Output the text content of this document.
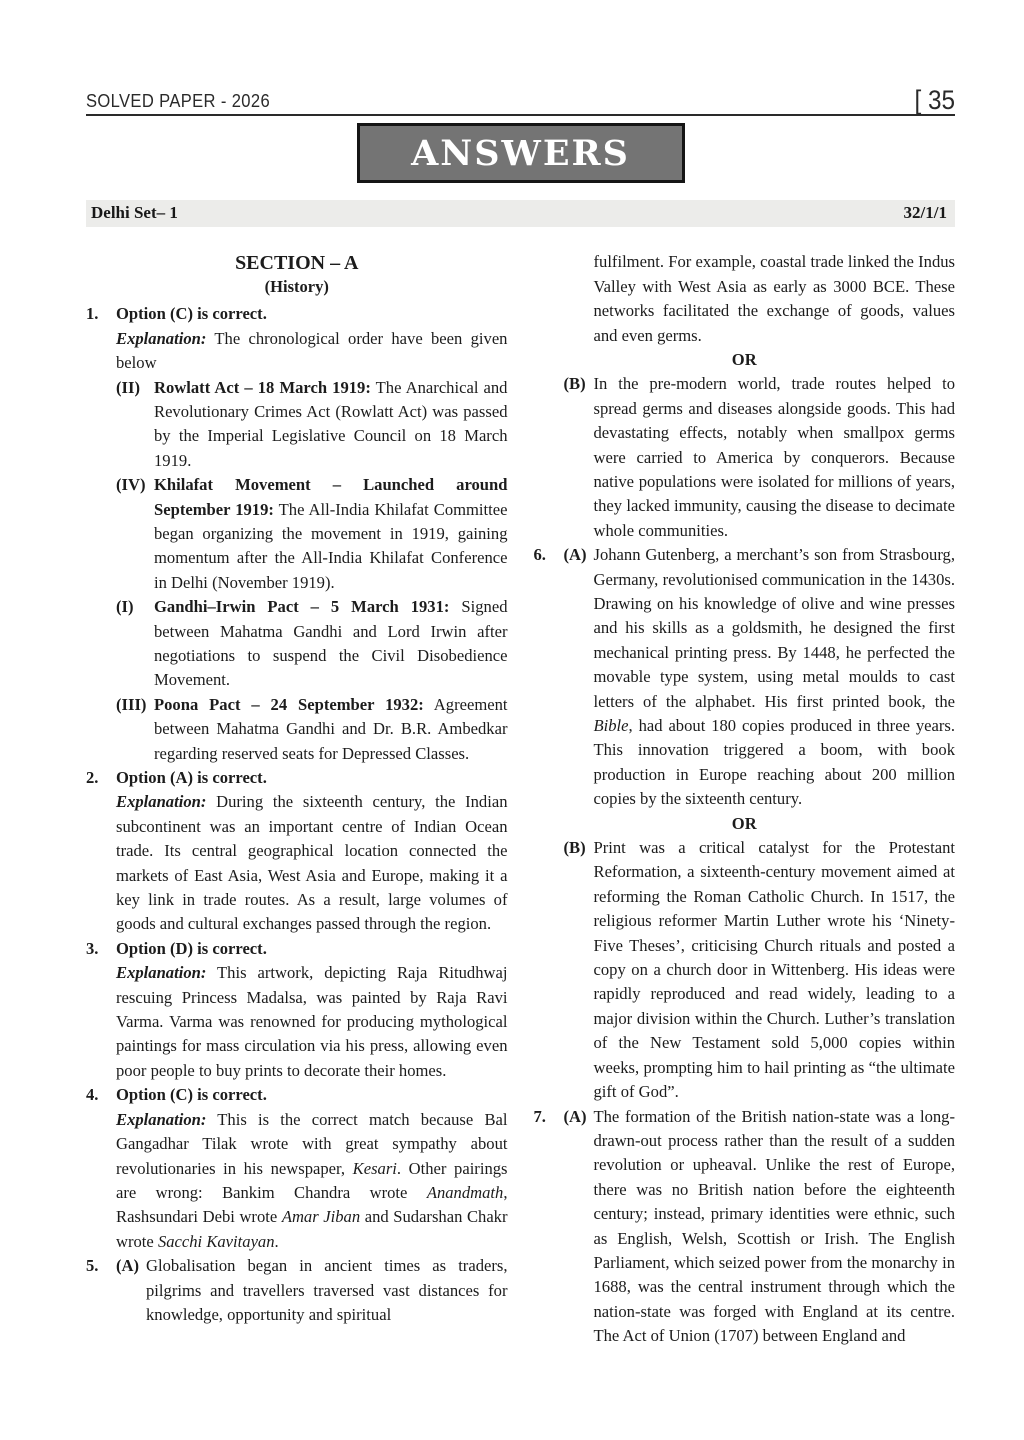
SOLVED PAPER - 2026	[ 35
ANSWERS
Delhi Set– 1	32/1/1

SECTION – A

(History)

1.	Option (C) is correct.

Explanation: The chronological order have been given below

(II) Rowlatt Act – 18 March 1919: The Anarchical and Revolutionary Crimes Act (Rowlatt Act) was passed by the Imperial Legislative Council on 18 March 1919.
(IV) Khilafat Movement – Launched around September 1919: The All-India Khilafat Committee began organizing the movement in 1919, gaining momentum after the All-India Khilafat Conference in Delhi (November 1919).
(I)	Gandhi–Irwin Pact – 5 March 1931: Signed between Mahatma Gandhi and Lord Irwin after negotiations to suspend the Civil Disobedience Movement.
(III) Poona Pact – 24 September 1932: Agreement between Mahatma Gandhi and Dr. B.R. Ambedkar regarding reserved seats for Depressed Classes.
2.	Option (A) is correct.

Explanation: During the sixteenth century, the Indian subcontinent was an important centre of Indian Ocean trade. Its central geographical location connected the markets of East Asia, West Asia and Europe, making it a key link in trade routes. As a result, large volumes of goods and cultural exchanges passed through the region.

3.	Option (D) is correct.

Explanation: This artwork, depicting Raja Ritudhwaj rescuing Princess Madalsa, was painted by Raja Ravi Varma. Varma was renowned for producing mythological paintings for mass circulation via his press, allowing even poor people to buy prints to decorate their homes.

4.	Option (C) is correct.

Explanation: This is the correct match because Bal Gangadhar Tilak wrote with great sympathy about revolutionaries in his newspaper, Kesari. Other pairings are wrong: Bankim Chandra wrote Anandmath, Rashsundari Debi wrote Amar Jiban and Sudarshan Chakr wrote Sacchi Kavitayan.

5.	(A) Globalisation began in ancient times as traders, pilgrims and travellers traversed vast distances for knowledge, opportunity and spiritual

fulfilment. For example, coastal trade linked the Indus Valley with West Asia as early as 3000 BCE. These networks facilitated the exchange of goods, values and even germs.

OR

(B) In the pre-modern world, trade routes helped to spread germs and diseases alongside goods. This had devastating effects, notably when smallpox germs were carried to America by conquerors. Because native populations were isolated for millions of years, they lacked immunity, causing the disease to decimate whole communities.
6.	(A) Johann Gutenberg, a merchant’s son from Strasbourg, Germany, revolutionised communication in the 1430s. Drawing on his knowledge of olive and wine presses and his skills as a goldsmith, he designed the first mechanical printing press. By 1448, he perfected the movable type system, using metal moulds to cast letters of the alphabet. His first printed book, the Bible, had about 180 copies produced in three years. This innovation triggered a boom, with book production in Europe reaching about 200 million copies by the sixteenth century.

OR

(B) Print was a critical catalyst for the Protestant Reformation, a sixteenth-century movement aimed at reforming the Roman Catholic Church. In 1517, the religious reformer Martin Luther wrote his ‘Ninety-Five Theses’, criticising Church rituals and posted a copy on a church door in Wittenberg. His ideas were rapidly reproduced and read widely, leading to a major division within the Church. Luther’s translation of the New Testament sold 5,000 copies within weeks, prompting him to hail printing as “the ultimate gift of God”.
7.	(A) The formation of the British nation-state was a long-drawn-out process rather than the result of a sudden revolution or upheaval. Unlike the rest of Europe, there was no British nation before the eighteenth century; instead, primary identities were ethnic, such as English, Welsh, Scottish or Irish. The English Parliament, which seized power from the monarchy in 1688, was the central instrument through which the nation-state was forged with England at its centre. The Act of Union (1707) between England and
